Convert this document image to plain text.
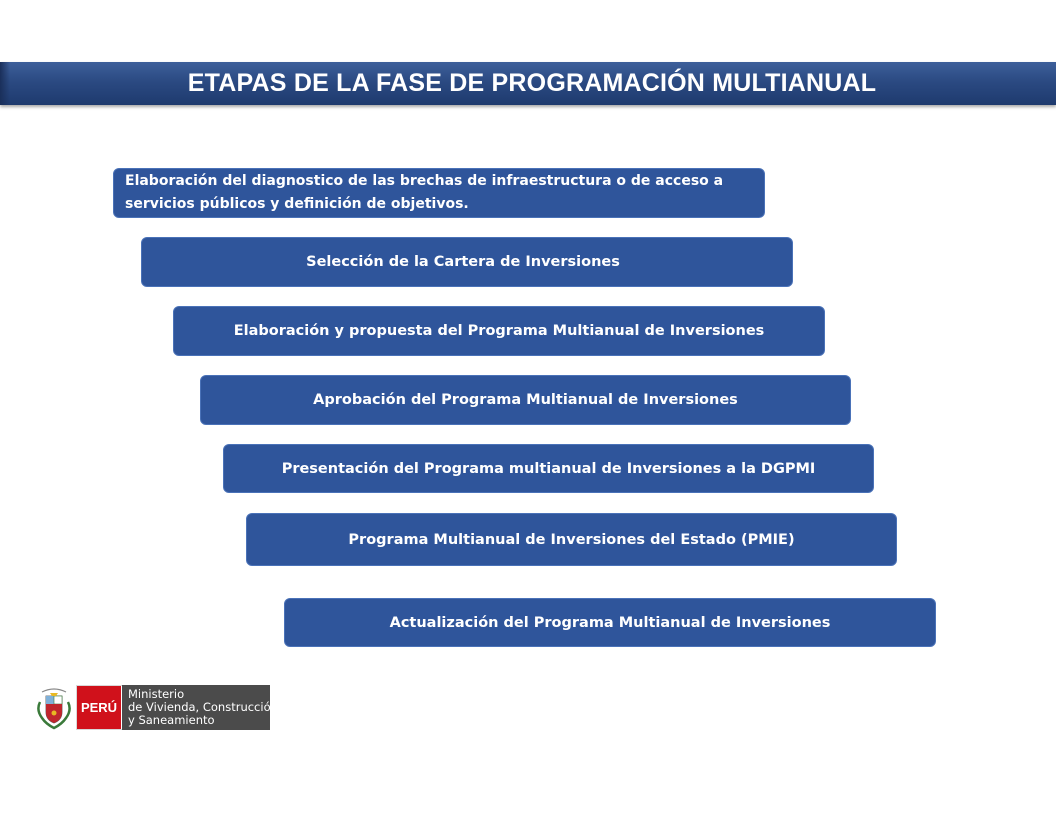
ETAPAS DE LA FASE DE PROGRAMACIÓN MULTIANUAL
Elaboración del diagnostico de las brechas de infraestructura o de acceso a
servicios públicos y definición de objetivos.
Selección de la Cartera de Inversiones
Elaboración y propuesta del Programa Multianual de Inversiones
Aprobación del Programa Multianual de Inversiones
Presentación del Programa multianual de Inversiones a la DGPMI
Programa Multianual de Inversiones del Estado (PMIE)
Actualización del Programa Multianual de Inversiones
PERÚ
Ministerio
de Vivienda, Construcción
y Saneamiento
